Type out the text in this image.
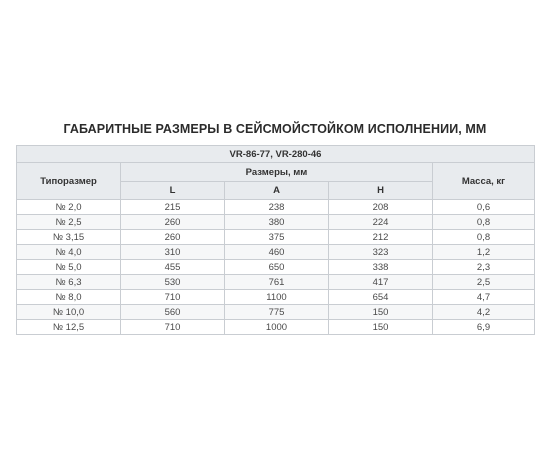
ГАБАРИТНЫЕ РАЗМЕРЫ В СЕЙСМОЙСТОЙКОМ ИСПОЛНЕНИИ, ММ
VR-86-77, VR-280-46				
Типоразмер	Размеры, мм			Масса, кг
	L	A	H	
№ 2,0	215	238	208	0,6
№ 2,5	260	380	224	0,8
№ 3,15	260	375	212	0,8
№ 4,0	310	460	323	1,2
№ 5,0	455	650	338	2,3
№ 6,3	530	761	417	2,5
№ 8,0	710	1100	654	4,7
№ 10,0	560	775	150	4,2
№ 12,5	710	1000	150	6,9
